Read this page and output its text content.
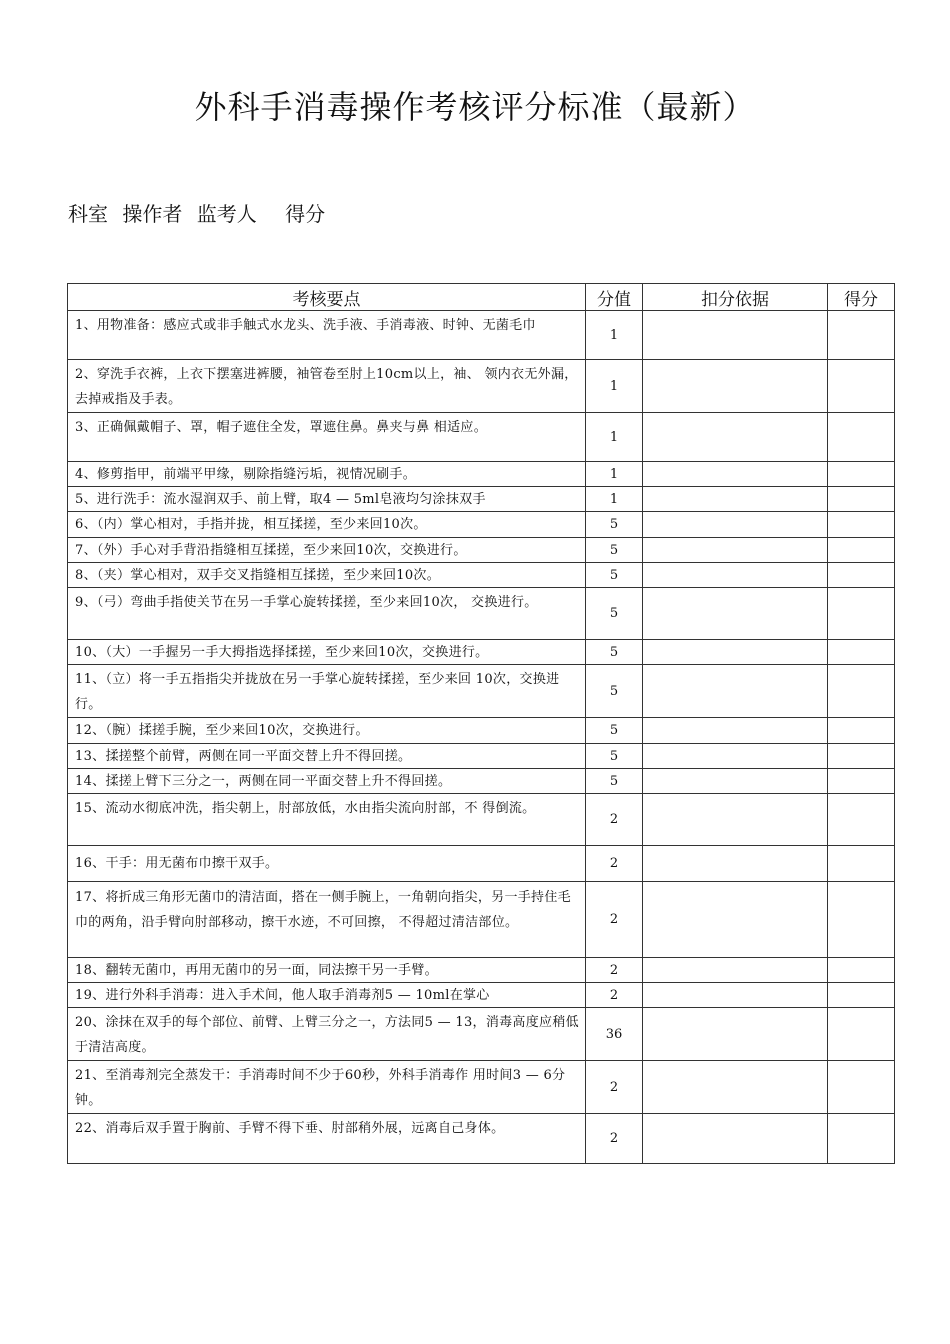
外科手消毒操作考核评分标准（最新）
科室 操作者 监考人 得分
考核要点	分值	扣分依据	得分
1、用物准备：感应式或非手触式水龙头、洗手液、手消毒液、时钟、无菌毛巾	1		
2、穿洗手衣裤，上衣下摆塞进裤腰，袖管卷至肘上10cm以上，袖、 领内衣无外漏，去掉戒指及手表。	1		
3、正确佩戴帽子、罩，帽子遮住全发，罩遮住鼻。鼻夹与鼻 相适应。	1		
4、修剪指甲，前端平甲缘，剔除指缝污垢，视情况刷手。	1		

5、进行洗手：流水湿润双手、前上臂，取4 — 5ml皂液均匀涂抹双手	1		
6、（内）掌心相对，手指并拢，相互揉搓，至少来回10次。	5		
7、（外）手心对手背沿指缝相互揉搓，至少来回10次，交换进行。	5		
8、（夹）掌心相对，双手交叉指缝相互揉搓，至少来回10次。	5		
9、（弓）弯曲手指使关节在另一手掌心旋转揉搓，至少来回10次， 交换进行。	5		
10、（大）一手握另一手大拇指选择揉搓，至少来回10次，交换进行。	5		
11、（立）将一手五指指尖并拢放在另一手掌心旋转揉搓，至少来回 10次，交换进行。	5		
12、（腕）揉搓手腕，至少来回10次，交换进行。	5		
13、揉搓整个前臂，两侧在同一平面交替上升不得回搓。	5		
14、揉搓上臂下三分之一，两侧在同一平面交替上升不得回搓。	5		
15、流动水彻底冲洗，指尖朝上，肘部放低，水由指尖流向肘部，不 得倒流。	2		
16、干手：用无菌布巾擦干双手。	2		
17、将折成三角形无菌巾的清洁面，搭在一侧手腕上，一角朝向指尖，另一手持住毛巾的两角，沿手臂向肘部移动，擦干水迹，不可回擦， 不得超过清洁部位。	2		
18、翻转无菌巾，再用无菌巾的另一面，同法擦干另一手臂。	2		

19、进行外科手消毒：进入手术间，他人取手消毒剂5 — 10ml在掌心	2		
20、涂抹在双手的每个部位、前臂、上臂三分之一，方法同5 — 13，消毒高度应稍低于清洁高度。	36		
21、至消毒剂完全蒸发干：手消毒时间不少于60秒，外科手消毒作 用时间3 — 6分钟。	2		
22、消毒后双手置于胸前、手臂不得下垂、肘部稍外展，远离自己身体。	2		
